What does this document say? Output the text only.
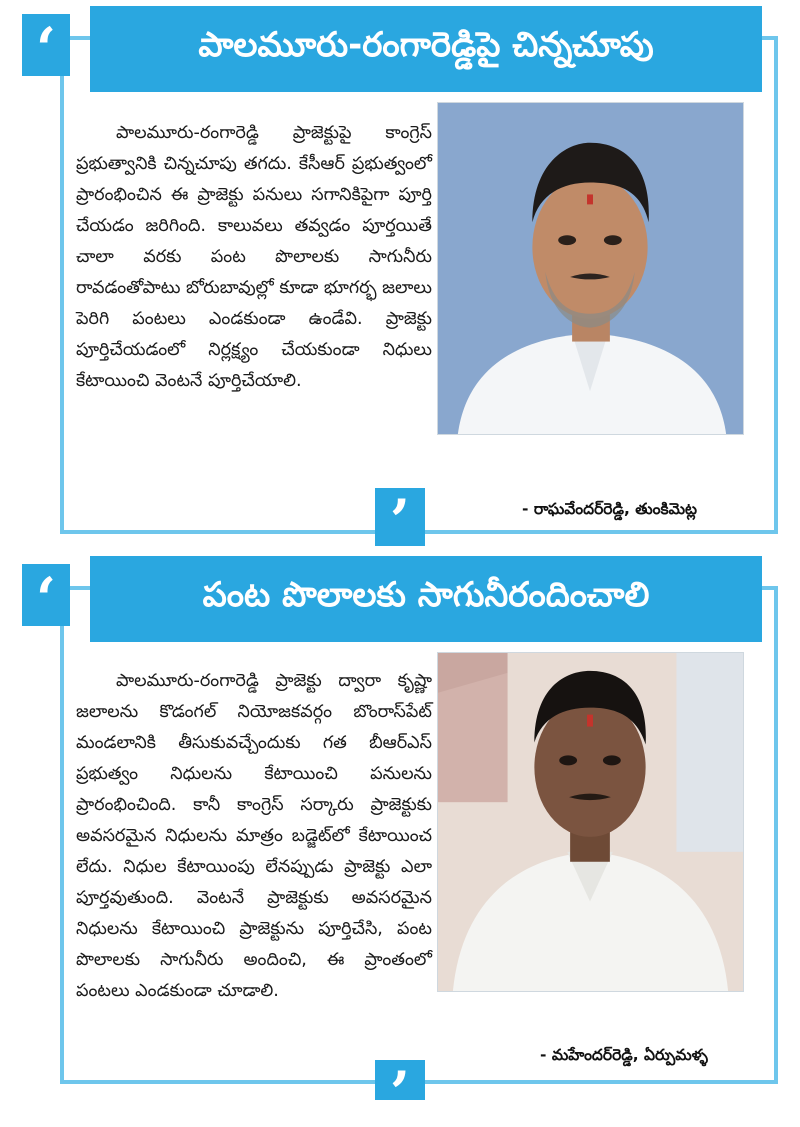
‘	పాలమూరు-రంగారెడ్డిపై చిన్నచూపు

పాలమూరు-రంగారెడ్డి ప్రాజెక్టుపై కాంగ్రెస్ ప్రభుత్వానికి చిన్నచూపు తగదు. కేసీఆర్ ప్రభుత్వంలో ప్రారంభించిన ఈ ప్రాజెక్టు పనులు సగానికిపైగా పూర్తి చేయడం జరిగింది. కాలువలు తవ్వడం పూర్తయితే చాలా వరకు పంట పొలాలకు సాగునీరు రావడంతోపాటు బోరుబావుల్లో కూడా భూగర్భ జలాలు పెరిగి పంటలు ఎండకుండా ఉండేవి. ప్రాజెక్టు పూర్తిచేయడంలో నిర్లక్ష్యం చేయకుండా నిధులు కేటాయించి వెంటనే పూర్తిచేయాలి.

’	- రాఘవేందర్‌రెడ్డి, తుంకిమెట్ల
‘	పంట పొలాలకు సాగునీరందించాలి

పాలమూరు-రంగారెడ్డి ప్రాజెక్టు ద్వారా కృష్ణా జలాలను కొడంగల్ నియోజకవర్గం బొంరాస్‌పేట్ మండలానికి తీసుకువచ్చేందుకు గత బీఆర్ఎస్ ప్రభుత్వం నిధులను కేటాయించి పనులను ప్రారంభించింది. కానీ కాంగ్రెస్ సర్కారు ప్రాజెక్టుకు అవసరమైన నిధులను మాత్రం బడ్జెట్‌లో కేటాయించ లేదు. నిధుల కేటాయింపు లేనప్పుడు ప్రాజెక్టు ఎలా పూర్తవుతుంది. వెంటనే ప్రాజెక్టుకు అవసరమైన నిధులను కేటాయించి ప్రాజెక్టును పూర్తిచేసి, పంట పొలాలకు సాగునీరు అందించి, ఈ ప్రాంతంలో పంటలు ఎండకుండా చూడాలి.

’
- మహేందర్‌రెడ్డి, ఏర్పుమళ్ళ
